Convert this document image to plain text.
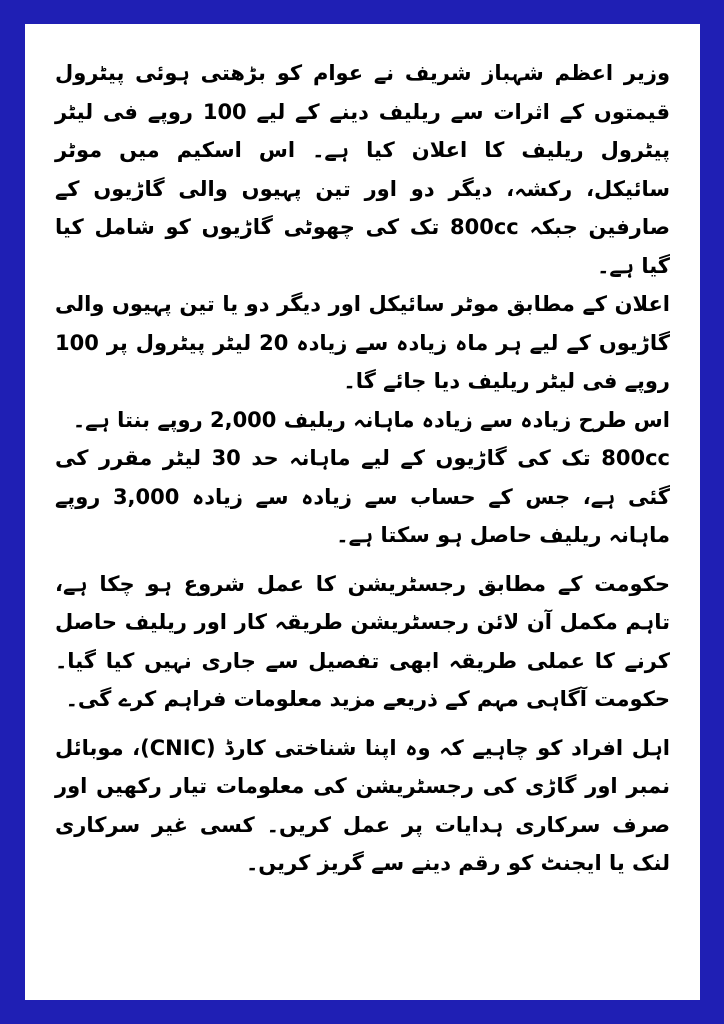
وزیر اعظم شہباز شریف نے عوام کو بڑھتی ہوئی پیٹرول قیمتوں کے اثرات سے ریلیف دینے کے لیے 100 روپے فی لیٹر پیٹرول ریلیف کا اعلان کیا ہے۔ اس اسکیم میں موٹر سائیکل، رکشہ، دیگر دو اور تین پہیوں والی گاڑیوں کے صارفین جبکہ 800cc تک کی چھوٹی گاڑیوں کو شامل کیا گیا ہے۔

اعلان کے مطابق موٹر سائیکل اور دیگر دو یا تین پہیوں والی گاڑیوں کے لیے ہر ماہ زیادہ سے زیادہ 20 لیٹر پیٹرول پر 100 روپے فی لیٹر ریلیف دیا جائے گا۔

اس طرح زیادہ سے زیادہ ماہانہ ریلیف 2,000 روپے بنتا ہے۔

800cc تک کی گاڑیوں کے لیے ماہانہ حد 30 لیٹر مقرر کی گئی ہے، جس کے حساب سے زیادہ سے زیادہ 3,000 روپے ماہانہ ریلیف حاصل ہو سکتا ہے۔

حکومت کے مطابق رجسٹریشن کا عمل شروع ہو چکا ہے، تاہم مکمل آن لائن رجسٹریشن طریقہ کار اور ریلیف حاصل کرنے کا عملی طریقہ ابھی تفصیل سے جاری نہیں کیا گیا۔ حکومت آگاہی مہم کے ذریعے مزید معلومات فراہم کرے گی۔

اہل افراد کو چاہیے کہ وہ اپنا شناختی کارڈ (CNIC)، موبائل نمبر اور گاڑی کی رجسٹریشن کی معلومات تیار رکھیں اور صرف سرکاری ہدایات پر عمل کریں۔ کسی غیر سرکاری لنک یا ایجنٹ کو رقم دینے سے گریز کریں۔
